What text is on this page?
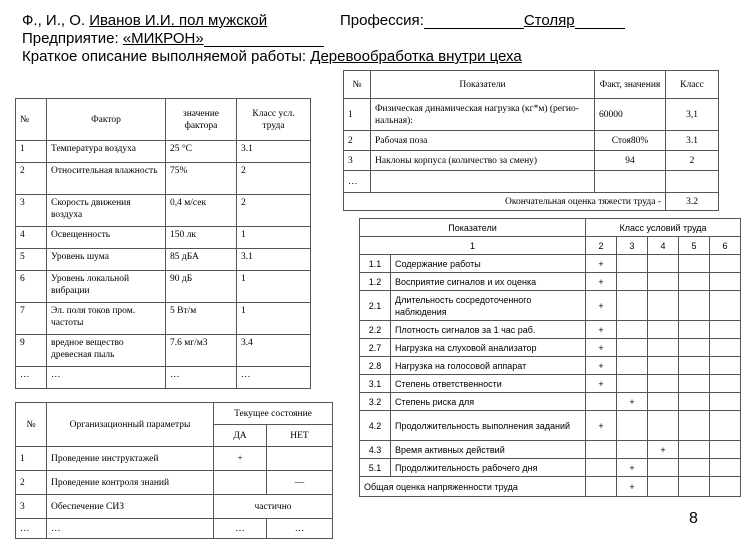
Ф., И., О. Иванов И.И. пол мужской	Профессия:	Столяр
Предприятие: «МИКРОН»
Краткое описание выполняемой работы: Деревообработка внутри цеха
№	Фактор	значение фактора	Класс усл. труда
1	Температура воздуха	25 °С	3.1
2	Относительная влажность	75%	2
3	Скорость движения воздуха	0,4 м/сек	2
4	Освещенность	150 лк	1
5	Уровень шума	85 дБА	3.1
6	Уровень локальной вибрации	90 дБ	1
7	Эл. поля токов пром. частоты	5 Вт/м	1
9	вредное вещество древесная пыль	7.6 мг/м3	3.4
…	…	…	…
№	Показатели	Факт, значения	Класс
1	Физическая динамическая нагрузка (кг*м) (регио-нальная):	60000	3,1
2	Рабочая поза	Стоя80%	3.1
3	Наклоны корпуса (количество за смену)	94	2
…			
Окончательная оценка тяжести труда -			3.2
№	Организационный параметры	Текущее состояние	
		ДА	НЕТ
1	Проведение инструктажей	+	
2	Проведение контроля знаний		—
3	Обеспечение СИЗ	частично	
…	…	…	…
Показатели		Класс условий труда				
1		2	3	4	5	6
1.1	Содержание работы	+				
1.2	Восприятие сигналов и их оценка	+				
2.1	Длительность сосредоточенного наблюдения	+				
2.2	Плотность сигналов за 1 час раб.	+				
2.7	Нагрузка на слуховой анализатор	+				
2.8	Нагрузка на голосовой аппарат	+				
3.1	Степень ответственности	+				
3.2	Степень риска для		+			
4.2	Продолжительность выполнения заданий	+				
4.3	Время активных действий			+		
5.1	Продолжительность рабочего дня		+			
Общая оценка напряженности труда			+			
8
